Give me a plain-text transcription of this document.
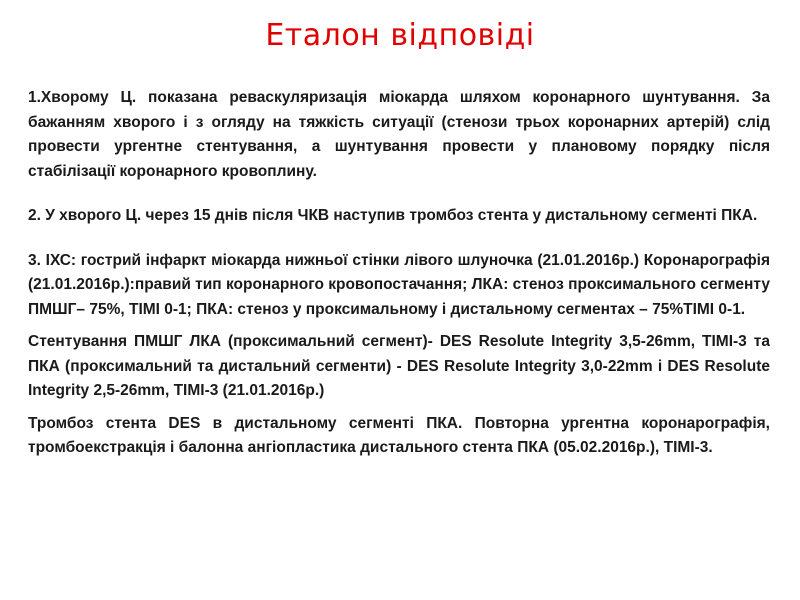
Еталон відповіді

1.Хворому Ц. показана реваскуляризація міокарда шляхом коронарного шунтування. За бажанням хворого і з огляду на тяжкість ситуації (стенози трьох коронарних артерій) слід провести ургентне стентування, а шунтування провести у плановому порядку після стабілізації коронарного кровоплину.

2. У хворого Ц. через 15 днів після ЧКВ наступив тромбоз стента у дистальному сегменті ПКА.

3. ІХС: гострий інфаркт міокарда нижньої стінки лівого шлуночка (21.01.2016р.) Коронарографія (21.01.2016р.):правий тип коронарного кровопостачання; ЛКА: стеноз проксимального сегменту ПМШГ– 75%, TIMI 0-1; ПКА: стеноз у проксимальному і дистальному сегментах – 75%TIMI 0-1.

Стентування ПМШГ ЛКА (проксимальний сегмент)- DES Resolute Integrity 3,5-26mm, TIMI-3 та ПКА (проксимальний та дистальний сегменти) - DES Resolute Integrity 3,0-22mm і DES Resolute Integrity 2,5-26mm, TIMI-3 (21.01.2016р.)

Тромбоз стента DES в дистальному сегменті ПКА. Повторна ургентна коронарографія, тромбоекстракція і балонна ангіопластика дистального стента ПКА (05.02.2016р.), TIMI-3.
